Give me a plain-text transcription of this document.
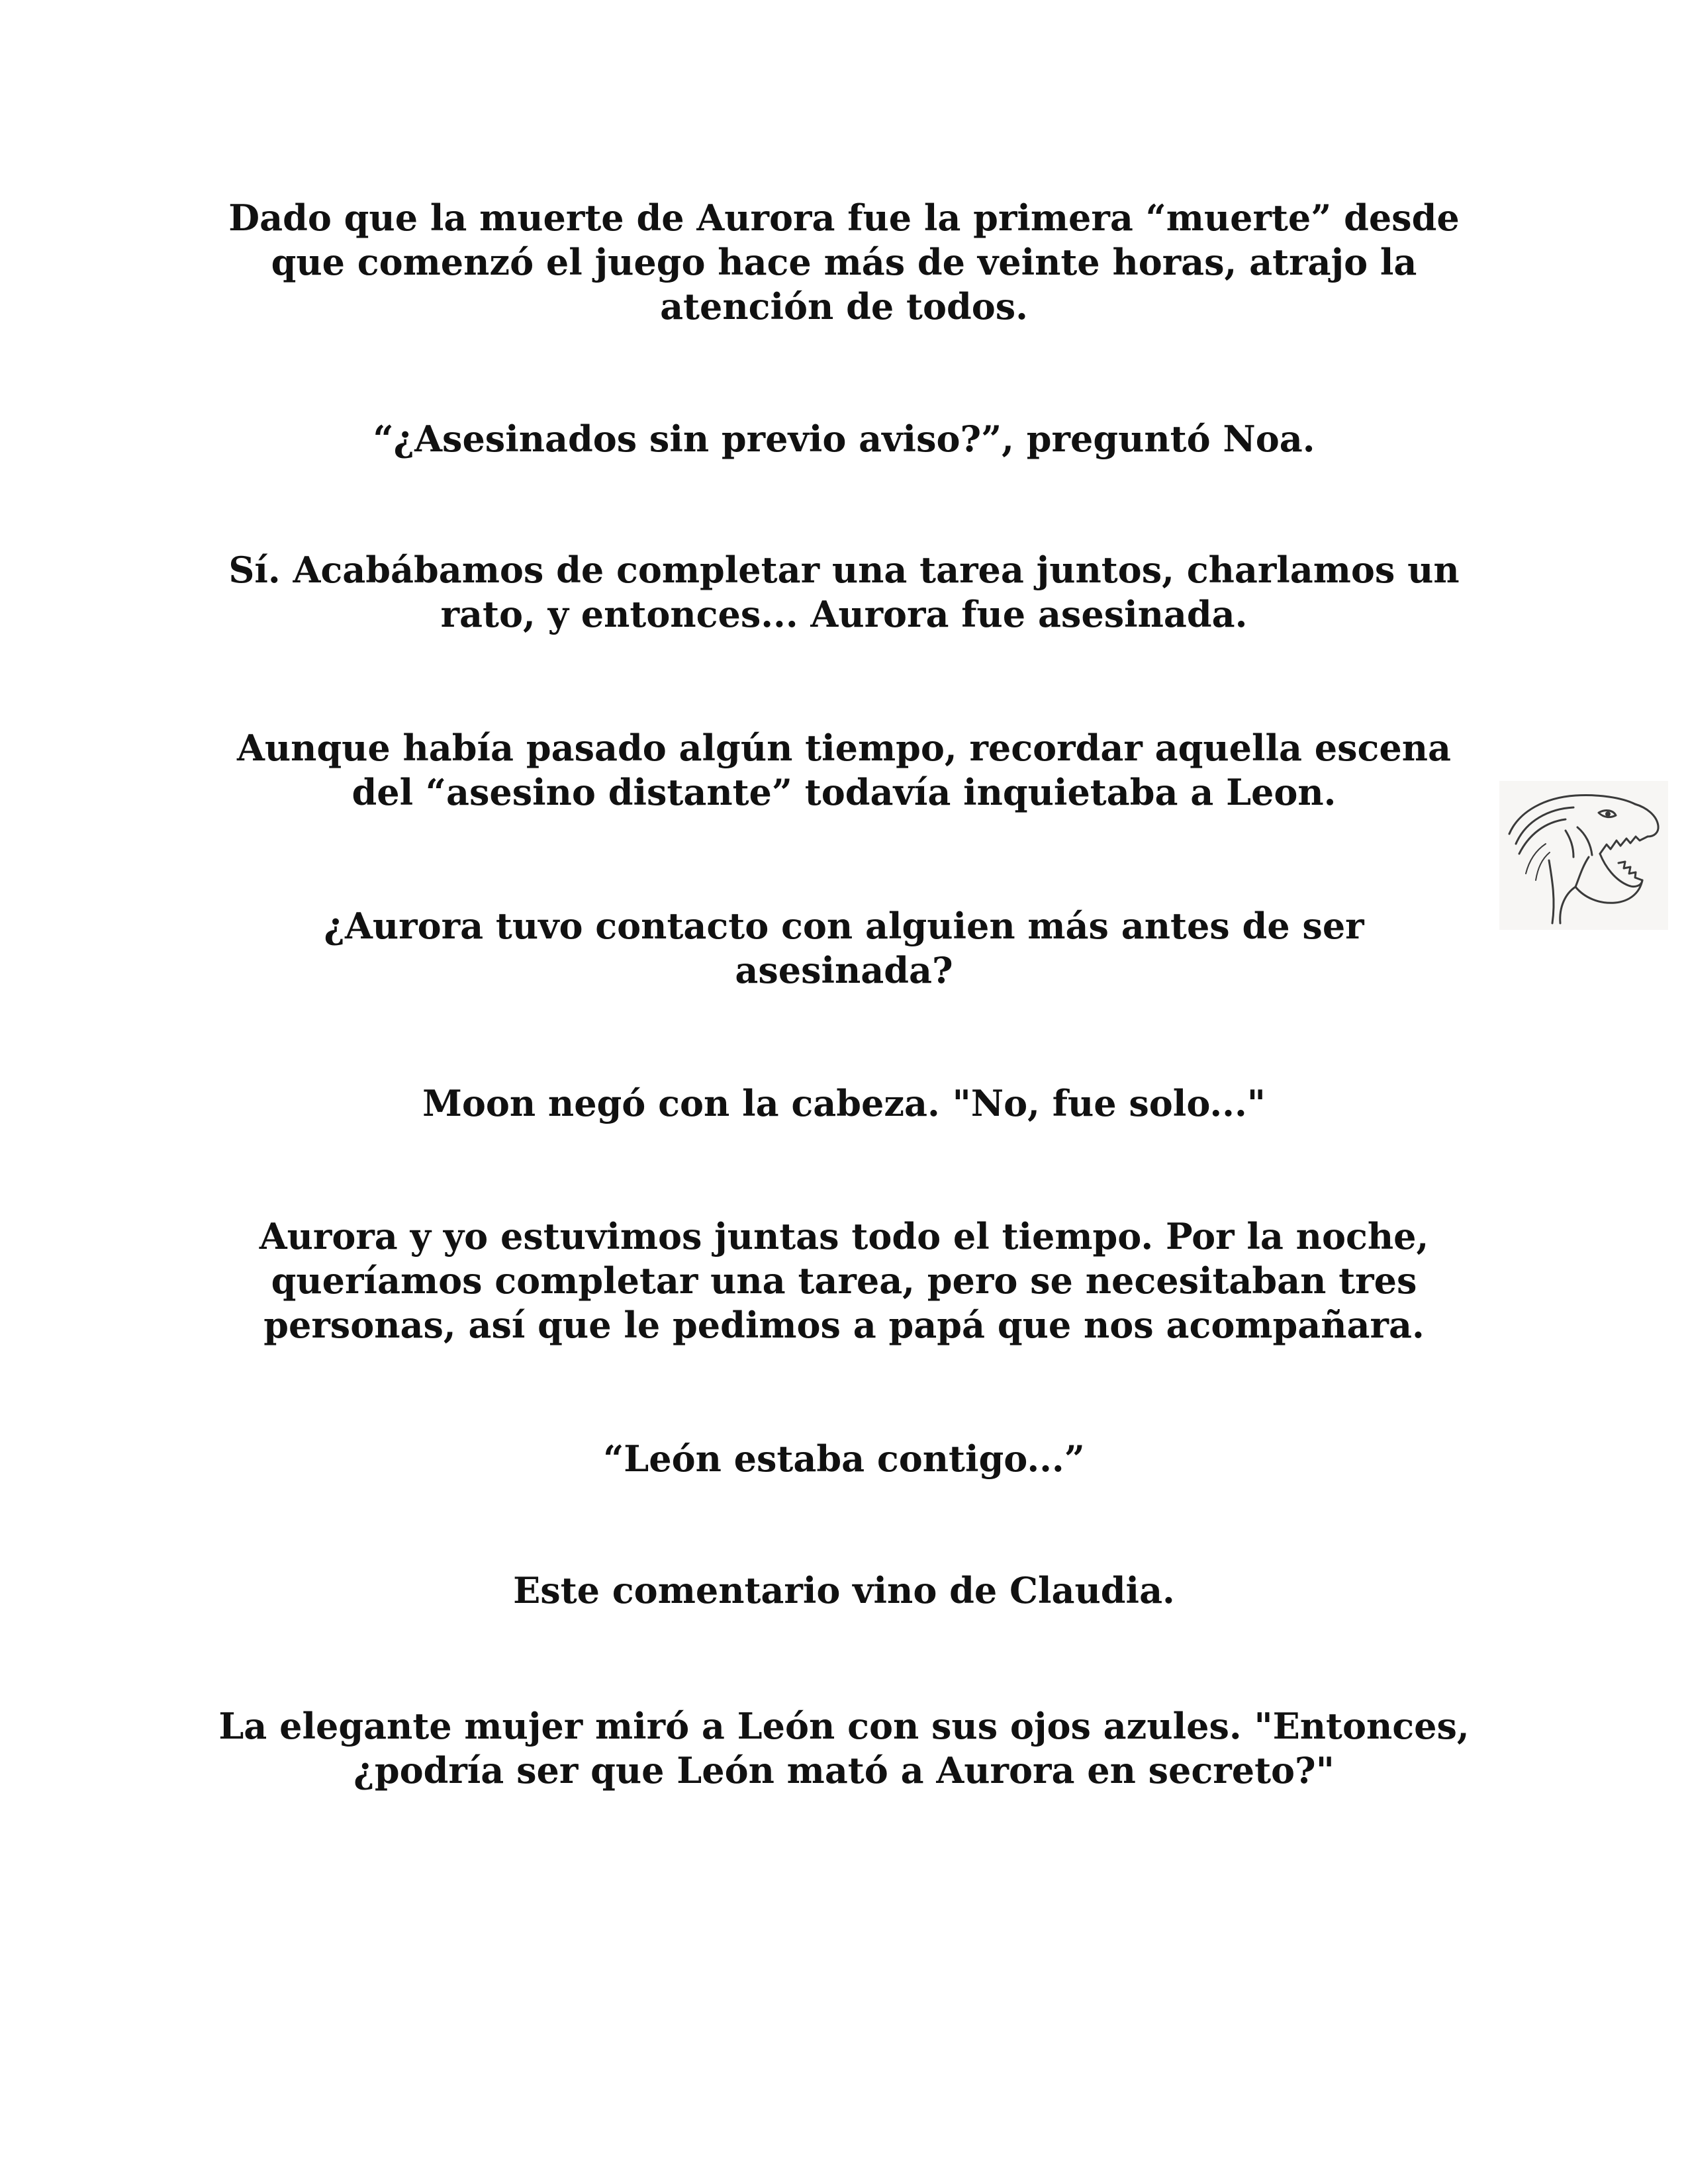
Dado que la muerte de Aurora fue la primera “muerte” desde
que comenzó el juego hace más de veinte horas, atrajo la
atención de todos.
“¿Asesinados sin previo aviso?”, preguntó Noa.
Sí. Acabábamos de completar una tarea juntos, charlamos un
rato, y entonces... Aurora fue asesinada.
Aunque había pasado algún tiempo, recordar aquella escena
del “asesino distante” todavía inquietaba a Leon.
¿Aurora tuvo contacto con alguien más antes de ser
asesinada?
Moon negó con la cabeza. "No, fue solo..."
Aurora y yo estuvimos juntas todo el tiempo. Por la noche,
queríamos completar una tarea, pero se necesitaban tres
personas, así que le pedimos a papá que nos acompañara.
“León estaba contigo...”
Este comentario vino de Claudia.
La elegante mujer miró a León con sus ojos azules. "Entonces,
¿podría ser que León mató a Aurora en secreto?"
